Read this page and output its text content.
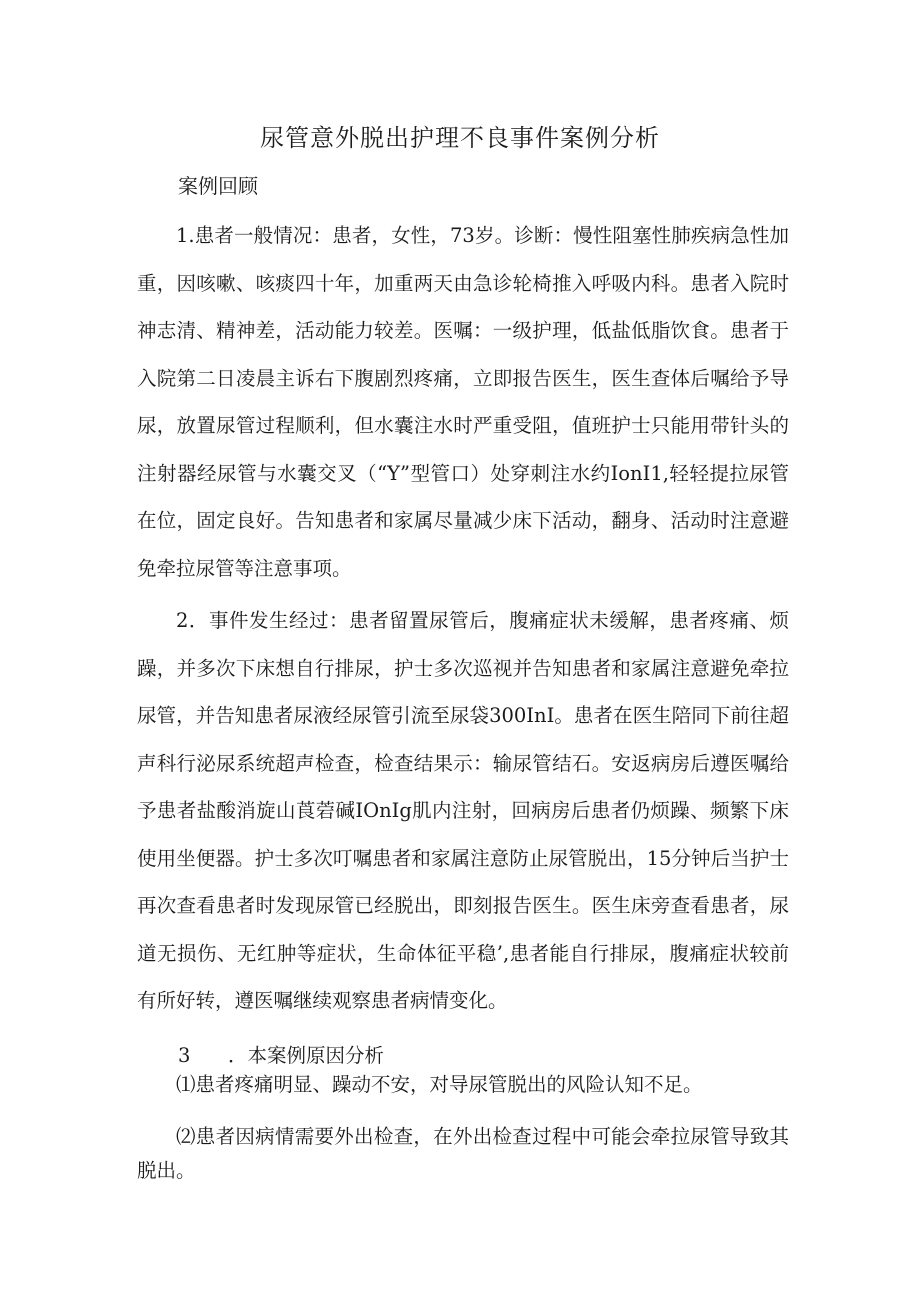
尿管意外脱出护理不良事件案例分析
案例回顾

1.患者一般情况：患者，女性，73岁。诊断：慢性阻塞性肺疾病急性加重，因咳嗽、咳痰四十年，加重两天由急诊轮椅推入呼吸内科。患者入院时神志清、精神差，活动能力较差。医嘱：一级护理，低盐低脂饮食。患者于入院第二日凌晨主诉右下腹剧烈疼痛，立即报告医生，医生查体后嘱给予导尿，放置尿管过程顺利，但水囊注水时严重受阻，值班护士只能用带针头的注射器经尿管与水囊交叉（“Y”型管口）处穿刺注水约IonI1,轻轻提拉尿管在位，固定良好。告知患者和家属尽量减少床下活动，翻身、活动时注意避免牵拉尿管等注意事项。

2．事件发生经过：患者留置尿管后，腹痛症状未缓解，患者疼痛、烦躁，并多次下床想自行排尿，护士多次巡视并告知患者和家属注意避免牵拉尿管，并告知患者尿液经尿管引流至尿袋300InI。患者在医生陪同下前往超声科行泌尿系统超声检查，检查结果示：输尿管结石。安返病房后遵医嘱给予患者盐酸消旋山莨菪碱IOnIg肌内注射，回病房后患者仍烦躁、频繁下床使用坐便器。护士多次叮嘱患者和家属注意防止尿管脱出，15分钟后当护士再次查看患者时发现尿管已经脱出，即刻报告医生。医生床旁查看患者，尿道无损伤、无红肿等症状，生命体征平稳’,患者能自行排尿，腹痛症状较前有所好转，遵医嘱继续观察患者病情变化。

3 ．本案例原因分析

⑴患者疼痛明显、躁动不安，对导尿管脱出的风险认知不足。

⑵患者因病情需要外出检查，在外出检查过程中可能会牵拉尿管导致其脱出。
